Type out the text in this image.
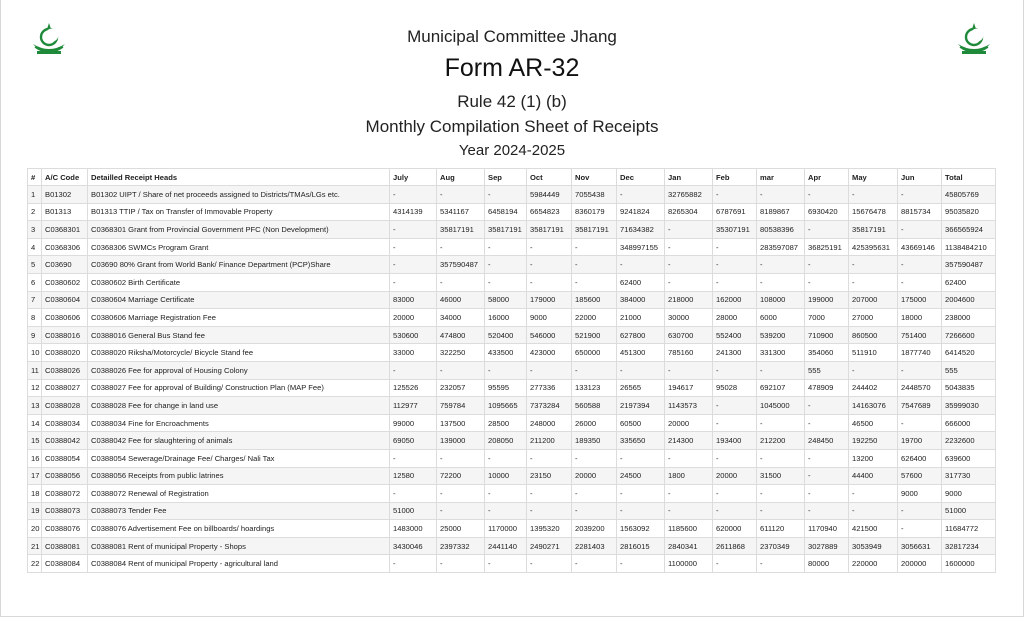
Municipal Committee Jhang
Form AR-32
Rule 42 (1) (b)
Monthly Compilation Sheet of Receipts
Year 2024-2025
#	A/C Code	Detailled Receipt Heads	July	Aug	Sep	Oct	Nov	Dec	Jan	Feb	mar	Apr	May	Jun	Total
1	B01302	B01302 UIPT / Share of net proceeds assigned to Districts/TMAs/LGs etc.	-	-	-	5984449	7055438	-	32765882	-	-	-	-	-	45805769
2	B01313	B01313 TTIP / Tax on Transfer of Immovable Property	4314139	5341167	6458194	6654823	8360179	9241824	8265304	6787691	8189867	6930420	15676478	8815734	95035820
3	C0368301	C0368301 Grant from Provincial Government PFC (Non Development)	-	35817191	35817191	35817191	35817191	71634382	-	35307191	80538396	-	35817191	-	366565924
4	C0368306	C0368306 SWMCs Program Grant	-	-	-	-	-	348997155	-	-	283597087	36825191	425395631	43669146	1138484210
5	C03690	C03690 80% Grant from World Bank/ Finance Department (PCP)Share	-	357590487	-	-	-	-	-	-	-	-	-	-	357590487
6	C0380602	C0380602 Birth Certificate	-	-	-	-	-	62400	-	-	-	-	-	-	62400
7	C0380604	C0380604 Marriage Certificate	83000	46000	58000	179000	185600	384000	218000	162000	108000	199000	207000	175000	2004600
8	C0380606	C0380606 Marriage Registration Fee	20000	34000	16000	9000	22000	21000	30000	28000	6000	7000	27000	18000	238000
9	C0388016	C0388016 General Bus Stand fee	530600	474800	520400	546000	521900	627800	630700	552400	539200	710900	860500	751400	7266600
10	C0388020	C0388020 Riksha/Motorcycle/ Bicycle Stand fee	33000	322250	433500	423000	650000	451300	785160	241300	331300	354060	511910	1877740	6414520
11	C0388026	C0388026 Fee for approval of Housing Colony	-	-	-	-	-	-	-	-	-	555	-	-	555
12	C0388027	C0388027 Fee for approval of Building/ Construction Plan (MAP Fee)	125526	232057	95595	277336	133123	26565	194617	95028	692107	478909	244402	2448570	5043835
13	C0388028	C0388028 Fee for change in land use	112977	759784	1095665	7373284	560588	2197394	1143573	-	1045000	-	14163076	7547689	35999030
14	C0388034	C0388034 Fine for Encroachments	99000	137500	28500	248000	26000	60500	20000	-	-	-	46500	-	666000
15	C0388042	C0388042 Fee for slaughtering of animals	69050	139000	208050	211200	189350	335650	214300	193400	212200	248450	192250	19700	2232600
16	C0388054	C0388054 Sewerage/Drainage Fee/ Charges/ Nali Tax	-	-	-	-	-	-	-	-	-	-	13200	626400	639600
17	C0388056	C0388056 Receipts from public latrines	12580	72200	10000	23150	20000	24500	1800	20000	31500	-	44400	57600	317730
18	C0388072	C0388072 Renewal of Registration	-	-	-	-	-	-	-	-	-	-	-	9000	9000
19	C0388073	C0388073 Tender Fee	51000	-	-	-	-	-	-	-	-	-	-	-	51000
20	C0388076	C0388076 Advertisement Fee on billboards/ hoardings	1483000	25000	1170000	1395320	2039200	1563092	1185600	620000	611120	1170940	421500	-	11684772
21	C0388081	C0388081 Rent of municipal Property - Shops	3430046	2397332	2441140	2490271	2281403	2816015	2840341	2611868	2370349	3027889	3053949	3056631	32817234
22	C0388084	C0388084 Rent of municipal Property - agricultural land	-	-	-	-	-	-	1100000	-	-	80000	220000	200000	1600000
